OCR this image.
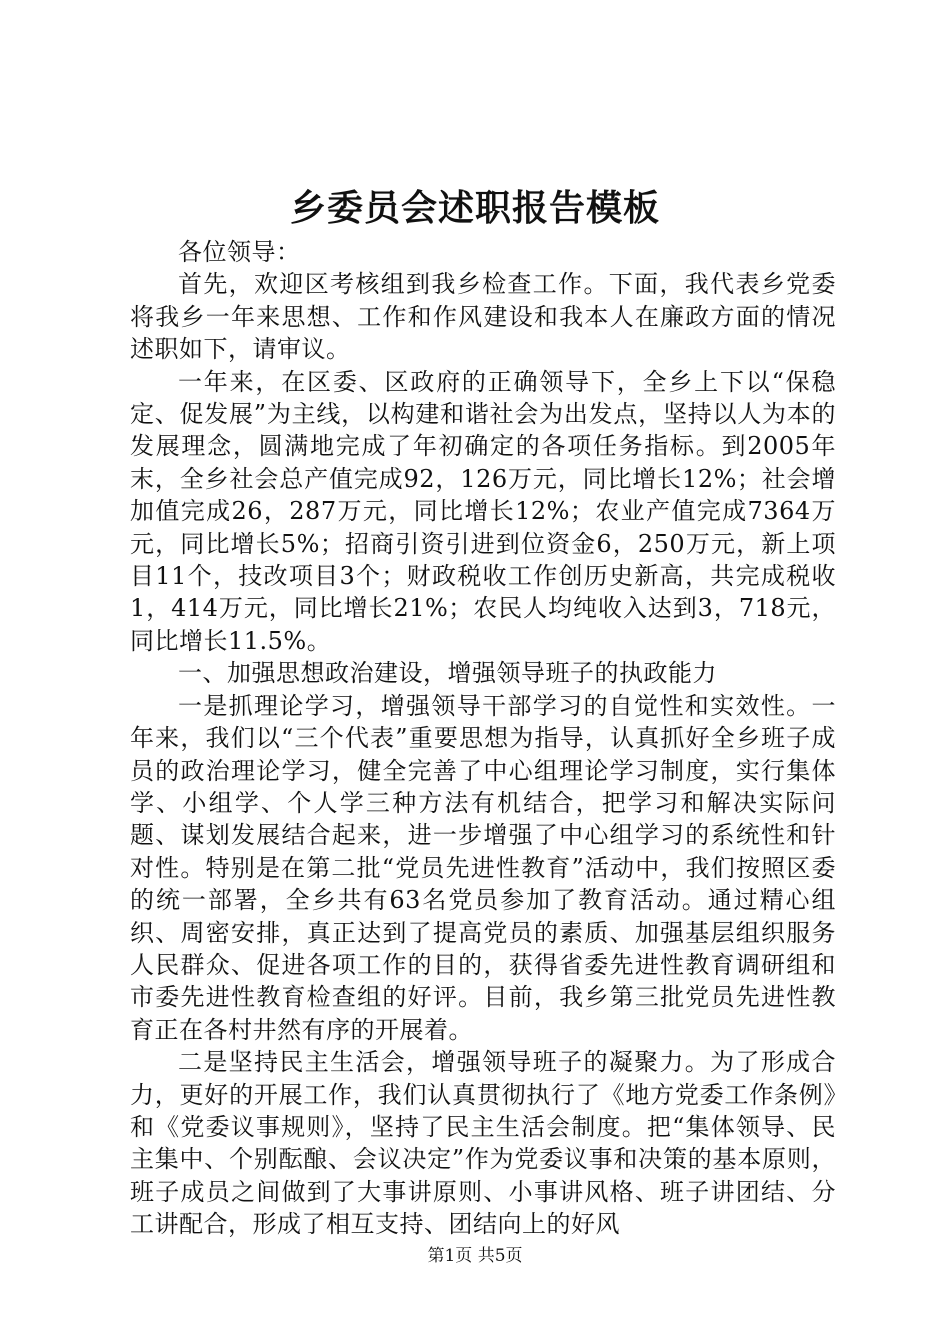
乡委员会述职报告模板

各位领导：

首先，欢迎区考核组到我乡检查工作。下面，我代表乡党委将我乡一年来思想、工作和作风建设和我本人在廉政方面的情况述职如下，请审议。

一年来，在区委、区政府的正确领导下，全乡上下以“保稳定、促发展”为主线，以构建和谐社会为出发点，坚持以人为本的发展理念，圆满地完成了年初确定的各项任务指标。到2005年末，全乡社会总产值完成92，126万元，同比增长12%；社会增加值完成26，287万元，同比增长12%；农业产值完成7364万元，同比增长5%；招商引资引进到位资金6，250万元，新上项目11个，技改项目3个；财政税收工作创历史新高，共完成税收1，414万元，同比增长21%；农民人均纯收入达到3，718元，同比增长11.5%。

一、加强思想政治建设，增强领导班子的执政能力

一是抓理论学习，增强领导干部学习的自觉性和实效性。一年来，我们以“三个代表”重要思想为指导，认真抓好全乡班子成员的政治理论学习，健全完善了中心组理论学习制度，实行集体学、小组学、个人学三种方法有机结合，把学习和解决实际问题、谋划发展结合起来，进一步增强了中心组学习的系统性和针对性。特别是在第二批“党员先进性教育”活动中，我们按照区委的统一部署，全乡共有63名党员参加了教育活动。通过精心组织、周密安排，真正达到了提高党员的素质、加强基层组织服务人民群众、促进各项工作的目的，获得省委先进性教育调研组和市委先进性教育检查组的好评。目前，我乡第三批党员先进性教育正在各村井然有序的开展着。

二是坚持民主生活会，增强领导班子的凝聚力。为了形成合力，更好的开展工作，我们认真贯彻执行了《地方党委工作条例》和《党委议事规则》，坚持了民主生活会制度。把“集体领导、民主集中、个别酝酿、会议决定”作为党委议事和决策的基本原则，班子成员之间做到了大事讲原则、小事讲风格、班子讲团结、分工讲配合，形成了相互支持、团结向上的好风

第1页 共5页
